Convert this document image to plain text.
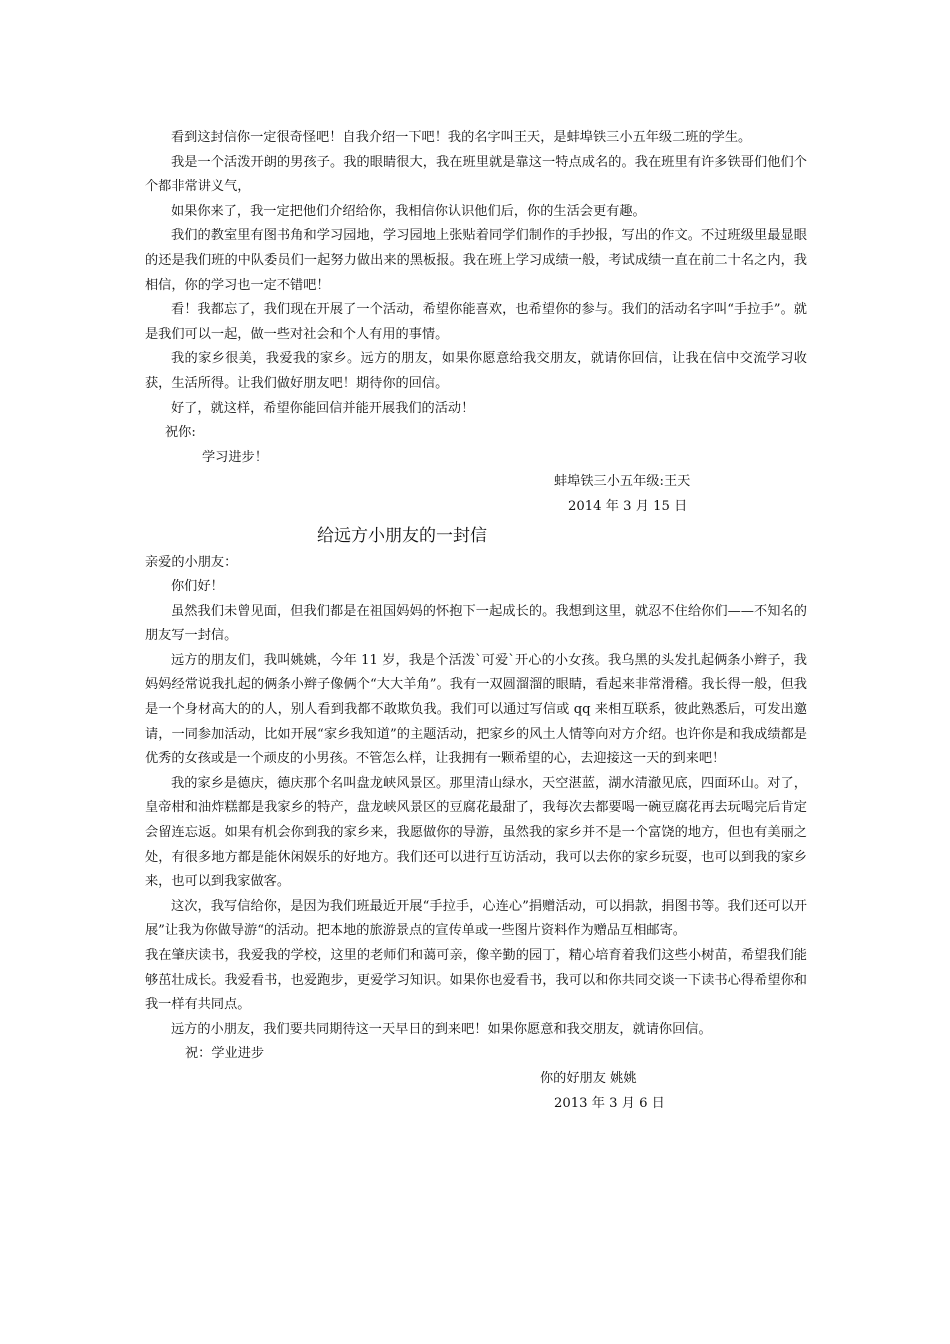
看到这封信你一定很奇怪吧！自我介绍一下吧！我的名字叫王天，是蚌埠铁三小五年级二班的学生。

我是一个活泼开朗的男孩子。我的眼睛很大，我在班里就是靠这一特点成名的。我在班里有许多铁哥们他们个个都非常讲义气，

如果你来了，我一定把他们介绍给你，我相信你认识他们后，你的生活会更有趣。

我们的教室里有图书角和学习园地，学习园地上张贴着同学们制作的手抄报，写出的作文。不过班级里最显眼的还是我们班的中队委员们一起努力做出来的黑板报。我在班上学习成绩一般，考试成绩一直在前二十名之内，我相信，你的学习也一定不错吧！

看！我都忘了，我们现在开展了一个活动，希望你能喜欢，也希望你的参与。我们的活动名字叫“手拉手”。就是我们可以一起，做一些对社会和个人有用的事情。

我的家乡很美，我爱我的家乡。远方的朋友，如果你愿意给我交朋友，就请你回信，让我在信中交流学习收获，生活所得。让我们做好朋友吧！期待你的回信。

好了，就这样，希望你能回信并能开展我们的活动！

祝你:

学习进步！

蚌埠铁三小五年级:王天

2014 年 3 月 15 日

给远方小朋友的一封信

亲爱的小朋友：

你们好！

虽然我们未曾见面，但我们都是在祖国妈妈的怀抱下一起成长的。我想到这里，就忍不住给你们——不知名的朋友写一封信。

远方的朋友们，我叫姚姚，今年 11 岁，我是个活泼`可爱`开心的小女孩。我乌黑的头发扎起俩条小辫子，我妈妈经常说我扎起的俩条小辫子像俩个“大大羊角”。我有一双圆溜溜的眼睛，看起来非常滑稽。我长得一般，但我是一个身材高大的的人，别人看到我都不敢欺负我。我们可以通过写信或 qq 来相互联系，彼此熟悉后，可发出邀请，一同参加活动，比如开展“家乡我知道”的主题活动，把家乡的风土人情等向对方介绍。也许你是和我成绩都是优秀的女孩或是一个顽皮的小男孩。不管怎么样，让我拥有一颗希望的心，去迎接这一天的到来吧！

我的家乡是德庆，德庆那个名叫盘龙峡风景区。那里清山绿水，天空湛蓝，湖水清澈见底，四面环山。对了，皇帝柑和油炸糕都是我家乡的特产，盘龙峡风景区的豆腐花最甜了，我每次去都要喝一碗豆腐花再去玩喝完后肯定会留连忘返。如果有机会你到我的家乡来，我愿做你的导游，虽然我的家乡并不是一个富饶的地方，但也有美丽之处，有很多地方都是能休闲娱乐的好地方。我们还可以进行互访活动，我可以去你的家乡玩耍，也可以到我的家乡来，也可以到我家做客。

这次，我写信给你，是因为我们班最近开展“手拉手，心连心”捐赠活动，可以捐款，捐图书等。我们还可以开展”让我为你做导游“的活动。把本地的旅游景点的宣传单或一些图片资料作为赠品互相邮寄。

我在肇庆读书，我爱我的学校，这里的老师们和蔼可亲，像辛勤的园丁，精心培育着我们这些小树苗，希望我们能够茁壮成长。我爱看书，也爱跑步，更爱学习知识。如果你也爱看书，我可以和你共同交谈一下读书心得希望你和我一样有共同点。

远方的小朋友，我们要共同期待这一天早日的到来吧！如果你愿意和我交朋友，就请你回信。

祝：学业进步

你的好朋友 姚姚

2013 年 3 月 6 日
